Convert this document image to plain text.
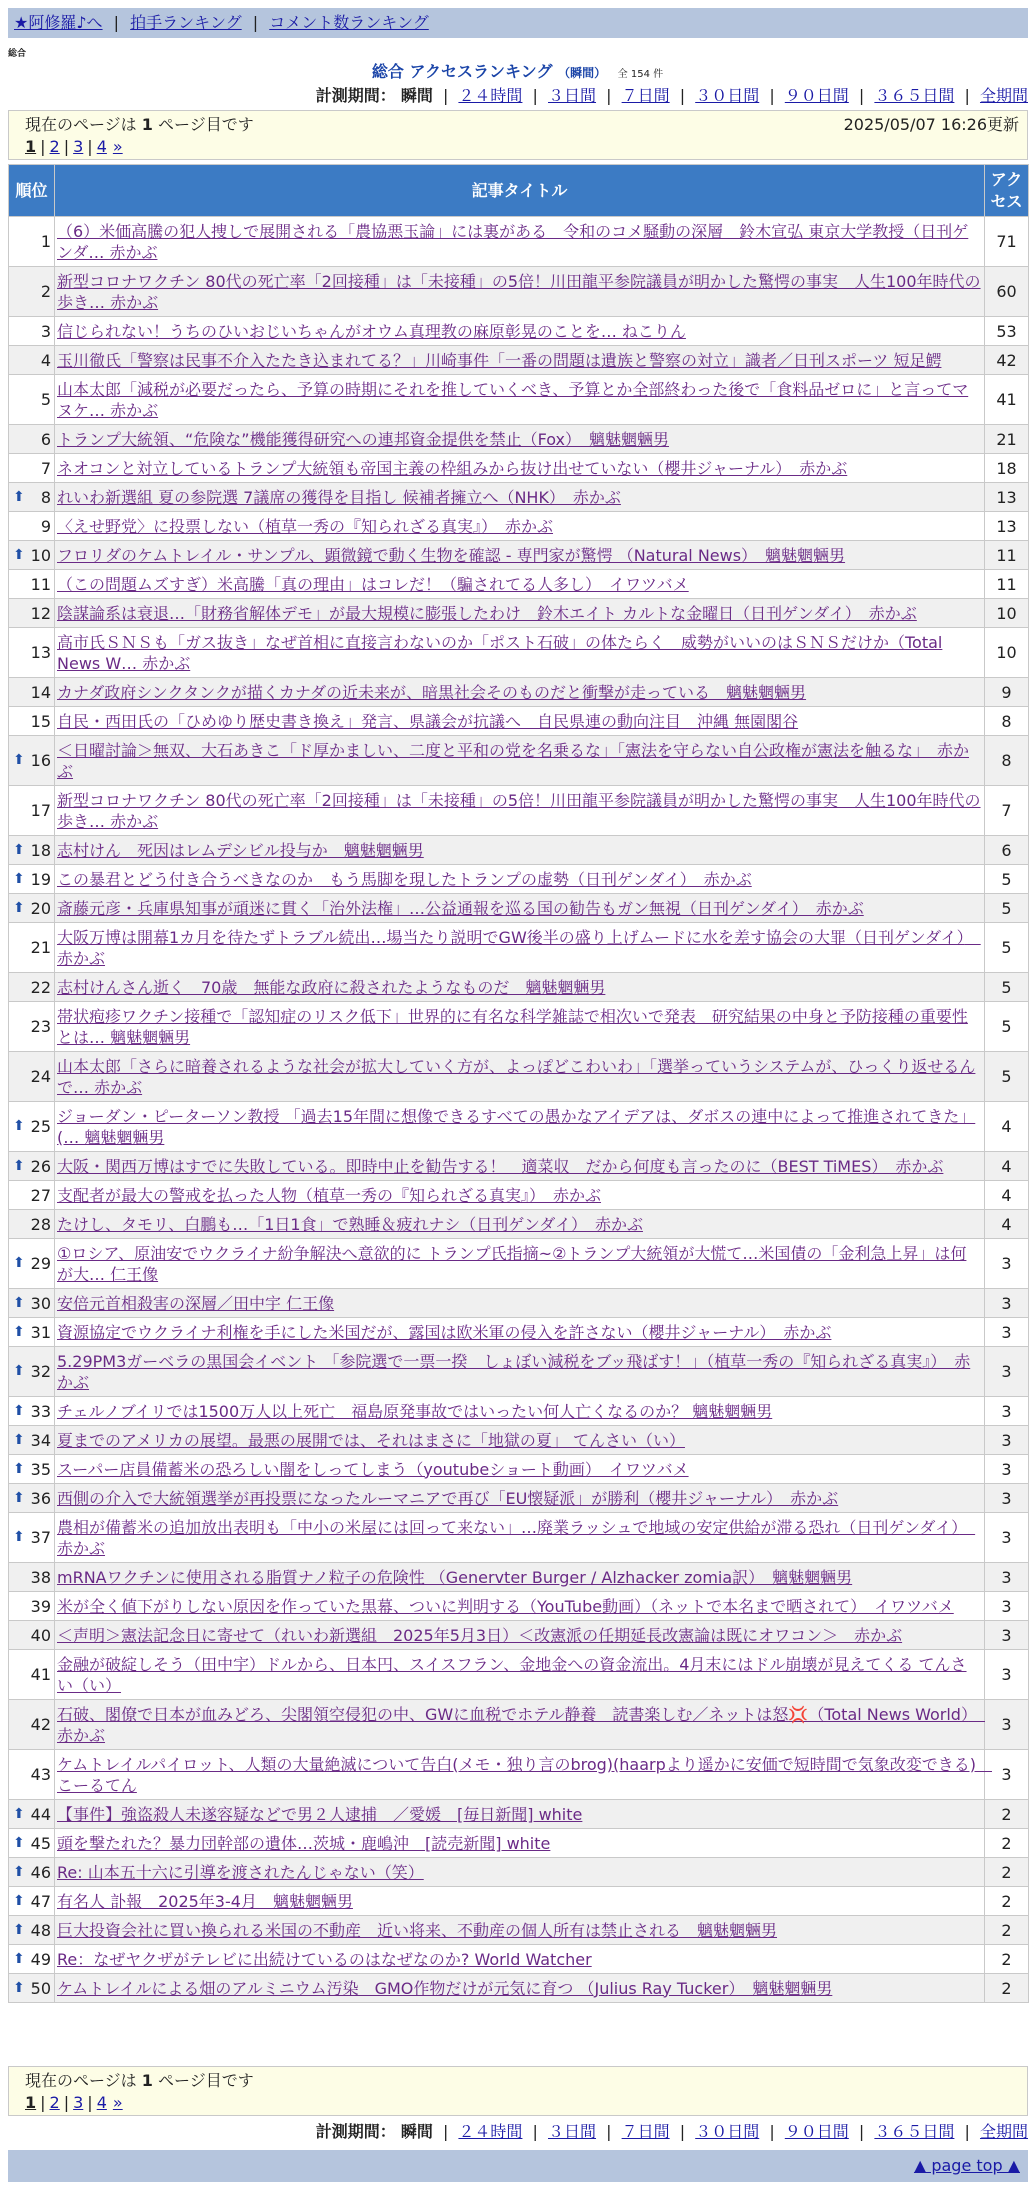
★阿修羅♪へ | 拍手ランキング | コメント数ランキング
総合
総合 アクセスランキング （瞬間） 全 154 件
計測期間： 瞬間 | ２４時間 | ３日間 | ７日間 | ３０日間 | ９０日間 | ３６５日間 | 全期間
現在のページは 1 ページ目です	2025/05/07 16:26更新
1 | 2 | 3 | 4 »
順位	記事タイトル	アクセス
1	（6）米価高騰の犯人捜しで展開される「農協悪玉論」には裏がある　令和のコメ騒動の深層　鈴木宣弘 東京大学教授（日刊ゲンダ… 赤かぶ	71
2	新型コロナワクチン 80代の死亡率「2回接種」は「未接種」の5倍！川田龍平参院議員が明かした驚愕の事実　人生100年時代の歩き… 赤かぶ	60
3	信じられない！うちのひいおじいちゃんがオウム真理教の麻原彰晃のことを… ねこりん	53
4	玉川徹氏「警察は民事不介入たたき込まれてる？」川崎事件「一番の問題は遺族と警察の対立」識者／日刊スポーツ 短足鰐	42
5	山本太郎「減税が必要だったら、予算の時期にそれを推していくべき、予算とか全部終わった後で「食料品ゼロに」と言ってマヌケ… 赤かぶ	41
6	トランプ大統領、“危険な”機能獲得研究への連邦資金提供を禁止（Fox）　魑魅魍魎男	21
7	ネオコンと対立しているトランプ大統領も帝国主義の枠組みから抜け出せていない（櫻井ジャーナル）　赤かぶ	18

⬆ 8	れいわ新選組 夏の参院選 7議席の獲得を目指し 候補者擁立へ（NHK）　赤かぶ	13
9	〈えせ野党〉に投票しない（植草一秀の『知られざる真実』）　赤かぶ	13

⬆ 10	フロリダのケムトレイル・サンプル、顕微鏡で動く生物を確認 - 専門家が驚愕 （Natural News）　魑魅魍魎男	11
11	（この問題ムズすぎ）米高騰「真の理由」はコレだ！（騙されてる人多し）　イワツバメ	11
12	陰謀論系は衰退…「財務省解体デモ」が最大規模に膨張したわけ　鈴木エイト カルトな金曜日（日刊ゲンダイ）　赤かぶ	10
13	高市氏ＳＮＳも「ガス抜き」なぜ首相に直接言わないのか「ポスト石破」の体たらく　威勢がいいのはＳＮＳだけか（Total News W… 赤かぶ	10
14	カナダ政府シンクタンクが描くカナダの近未来が、暗黒社会そのものだと衝撃が走っている　魑魅魍魎男	9
15	自民・西田氏の「ひめゆり歴史書き換え」発言、県議会が抗議へ　自民県連の動向注目　沖縄 無園閣谷	8

⬆ 16	＜日曜討論＞無双、大石あきこ「ド厚かましい、二度と平和の党を名乗るな」「憲法を守らない自公政権が憲法を触るな」　赤かぶ	8
17	新型コロナワクチン 80代の死亡率「2回接種」は「未接種」の5倍！川田龍平参院議員が明かした驚愕の事実　人生100年時代の歩き… 赤かぶ	7

⬆ 18	志村けん　死因はレムデシビル投与か　魑魅魍魎男	6

⬆ 19	この暴君とどう付き合うべきなのか　もう馬脚を現したトランプの虚勢（日刊ゲンダイ）　赤かぶ	5

⬆ 20	斎藤元彦・兵庫県知事が頑迷に貫く「治外法権」…公益通報を巡る国の勧告もガン無視（日刊ゲンダイ）　赤かぶ	5
21	大阪万博は開幕1カ月を待たずトラブル続出…場当たり説明でGW後半の盛り上げムードに水を差す協会の大罪（日刊ゲンダイ）　赤かぶ	5
22	志村けんさん逝く　70歳　無能な政府に殺されたようなものだ　魑魅魍魎男	5
23	帯状疱疹ワクチン接種で「認知症のリスク低下」世界的に有名な科学雑誌で相次いで発表　研究結果の中身と予防接種の重要性とは… 魑魅魍魎男	5
24	山本太郎「さらに暗養されるような社会が拡大していく方が、よっぽどこわいわ」「選挙っていうシステムが、ひっくり返せるんで… 赤かぶ	5

⬆ 25	ジョーダン・ピーターソン教授 「過去15年間に想像できるすべての愚かなアイデアは、ダボスの連中によって推進されてきた」(… 魑魅魍魎男	4

⬆ 26	大阪・関西万博はすでに失敗している。即時中止を勧告する！　適菜収　だから何度も言ったのに（BEST TiMES）　赤かぶ	4
27	支配者が最大の警戒を払った人物（植草一秀の『知られざる真実』）　赤かぶ	4
28	たけし、タモリ、白鵬も…「1日1食」で熟睡＆疲れナシ（日刊ゲンダイ）　赤かぶ	4

⬆ 29	①ロシア、原油安でウクライナ紛争解決へ意欲的に トランプ氏指摘~②トランプ大統領が大慌て…米国債の「金利急上昇」は何が大… 仁王像	3

⬆ 30	安倍元首相殺害の深層／田中宇 仁王像	3

⬆ 31	資源協定でウクライナ利権を手にした米国だが、露国は欧米軍の侵入を許さない（櫻井ジャーナル）　赤かぶ	3

⬆ 32	5.29PM3ガーベラの黒国会イベント 「参院選で一票一揆　しょぼい減税をブッ飛ばす！」（植草一秀の『知られざる真実』）　赤かぶ	3

⬆ 33	チェルノブイリでは1500万人以上死亡　福島原発事故ではいったい何人亡くなるのか？ 魑魅魍魎男	3

⬆ 34	夏までのアメリカの展望。最悪の展開では、それはまさに「地獄の夏」 てんさい（い）	3

⬆ 35	スーパー店員備蓄米の恐ろしい闇をしってしまう（youtubeショート動画）　イワツバメ	3

⬆ 36	西側の介入で大統領選挙が再投票になったルーマニアで再び「EU懐疑派」が勝利（櫻井ジャーナル）　赤かぶ	3

⬆ 37	農相が備蓄米の追加放出表明も「中小の米屋には回って来ない」…廃業ラッシュで地域の安定供給が滞る恐れ（日刊ゲンダイ）　赤かぶ	3
38	mRNAワクチンに使用される脂質ナノ粒子の危険性 （Genervter Burger / Alzhacker zomia訳）　魑魅魍魎男	3
39	米が全く値下がりしない原因を作っていた黒幕、ついに判明する（YouTube動画）（ネットで本名まで晒されて）　イワツバメ	3
40	＜声明＞憲法記念日に寄せて（れいわ新選組　2025年5月3日）＜改憲派の任期延長改憲論は既にオワコン＞　赤かぶ	3
41	金融が破綻しそう（田中宇）ドルから、日本円、スイスフラン、金地金への資金流出。4月末にはドル崩壊が見えてくる てんさい（い）	3
42	石破、閣僚で日本が血みどろ、尖閣領空侵犯の中、GWに血税でホテル静養　読書楽しむ／ネットは怒💢（Total News World）　赤かぶ	3
43	ケムトレイルパイロット、人類の大量絶滅について告白(メモ・独り言のbrog)(haarpより遥かに安価で短時間で気象改変できる)　こーるてん	3

⬆ 44	【事件】強盗殺人未遂容疑などで男２人逮捕　／愛媛　[毎日新聞] white	2

⬆ 45	頭を撃たれた？暴力団幹部の遺体…茨城・鹿嶋沖　[読売新聞] white	2

⬆ 46	Re: 山本五十六に引導を渡されたんじゃない（笑）	2

⬆ 47	有名人 訃報　2025年3-4月　魑魅魍魎男	2

⬆ 48	巨大投資会社に買い換られる米国の不動産　近い将来、不動産の個人所有は禁止される　魑魅魍魎男	2

⬆ 49	Re：なぜヤクザがテレビに出続けているのはなぜなのか? World Watcher	2

⬆ 50	ケムトレイルによる畑のアルミニウム汚染　GMO作物だけが元気に育つ （Julius Ray Tucker）　魑魅魍魎男	2
現在のページは 1 ページ目です
1 | 2 | 3 | 4 »
計測期間： 瞬間 | ２４時間 | ３日間 | ７日間 | ３０日間 | ９０日間 | ３６５日間 | 全期間
▲ page top ▲
